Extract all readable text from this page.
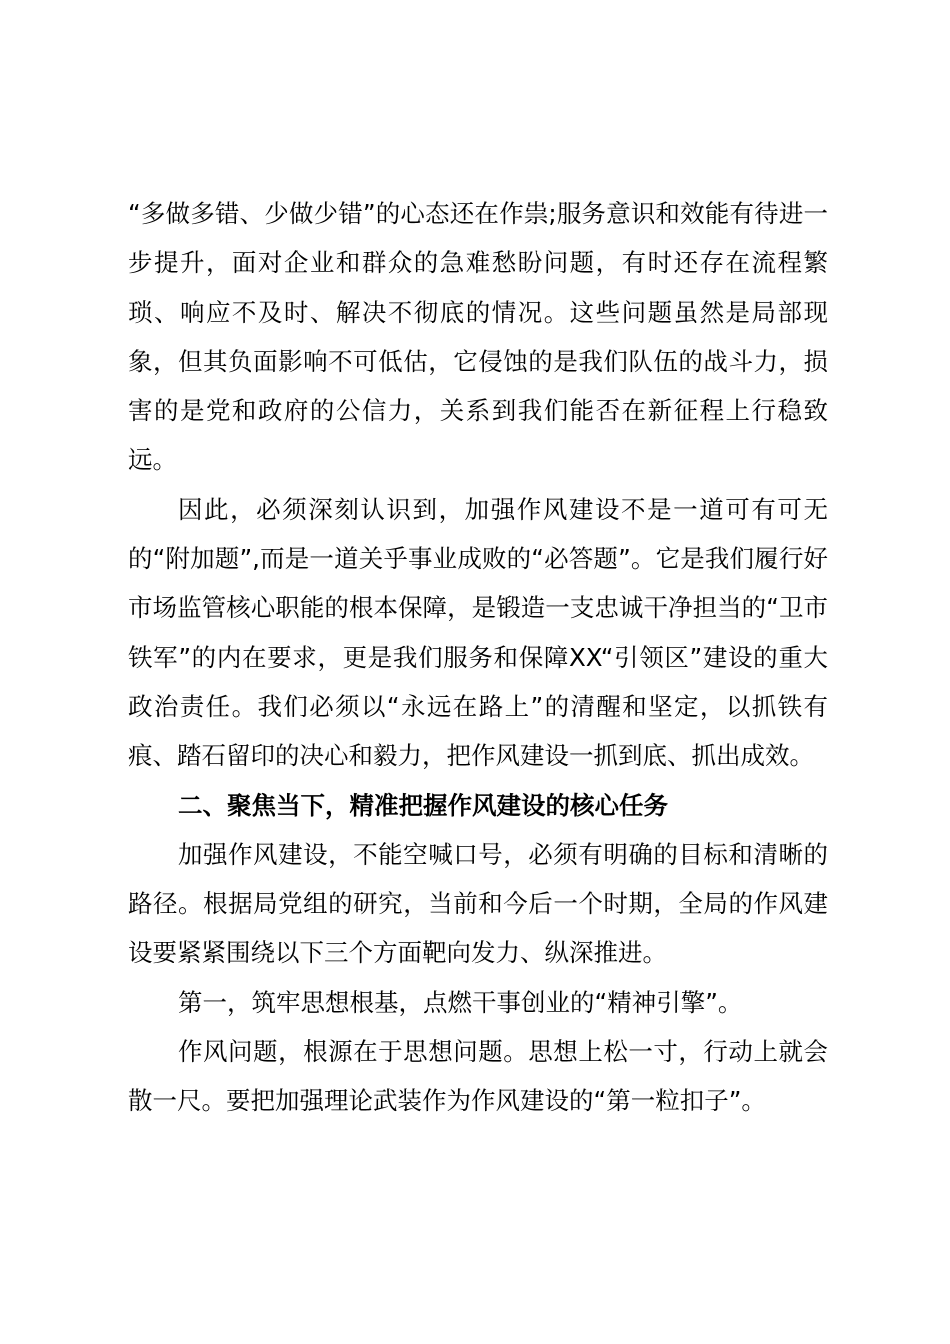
“多做多错、少做少错”的心态还在作祟;服务意识和效能有待进一步提升，面对企业和群众的急难愁盼问题，有时还存在流程繁琐、响应不及时、解决不彻底的情况。这些问题虽然是局部现象，但其负面影响不可低估，它侵蚀的是我们队伍的战斗力，损害的是党和政府的公信力，关系到我们能否在新征程上行稳致远。

因此，必须深刻认识到，加强作风建设不是一道可有可无的“附加题”,而是一道关乎事业成败的“必答题”。它是我们履行好市场监管核心职能的根本保障，是锻造一支忠诚干净担当的“卫市铁军”的内在要求，更是我们服务和保障XX“引领区”建设的重大政治责任。我们必须以“永远在路上”的清醒和坚定，以抓铁有痕、踏石留印的决心和毅力，把作风建设一抓到底、抓出成效。

二、聚焦当下，精准把握作风建设的核心任务

加强作风建设，不能空喊口号，必须有明确的目标和清晰的路径。根据局党组的研究，当前和今后一个时期，全局的作风建设要紧紧围绕以下三个方面靶向发力、纵深推进。

第一，筑牢思想根基，点燃干事创业的“精神引擎”。

作风问题，根源在于思想问题。思想上松一寸，行动上就会散一尺。要把加强理论武装作为作风建设的“第一粒扣子”。
